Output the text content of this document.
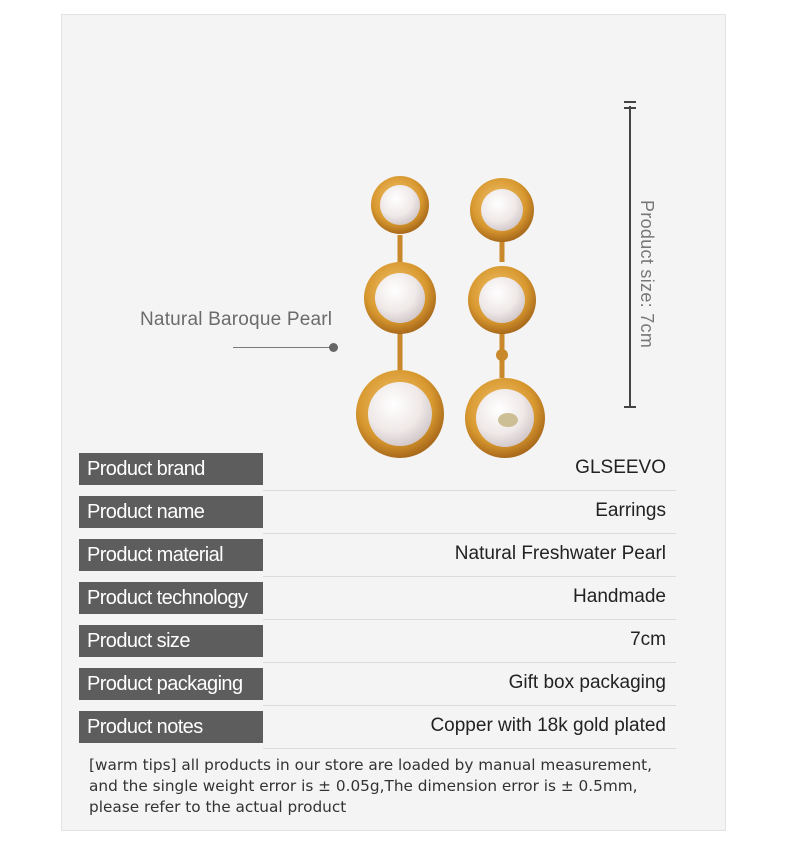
Natural Baroque Pearl	Product size: 7cm
Product brand	GLSEEVO
Product name	Earrings
Product material	Natural Freshwater Pearl
Product technology	Handmade
Product size	7cm
Product packaging	Gift box packaging
Product notes	Copper with 18k gold plated
[warm tips] all products in our store are loaded by manual measurement,
and the single weight error is ± 0.05g,The dimension error is ± 0.5mm,
please refer to the actual product
